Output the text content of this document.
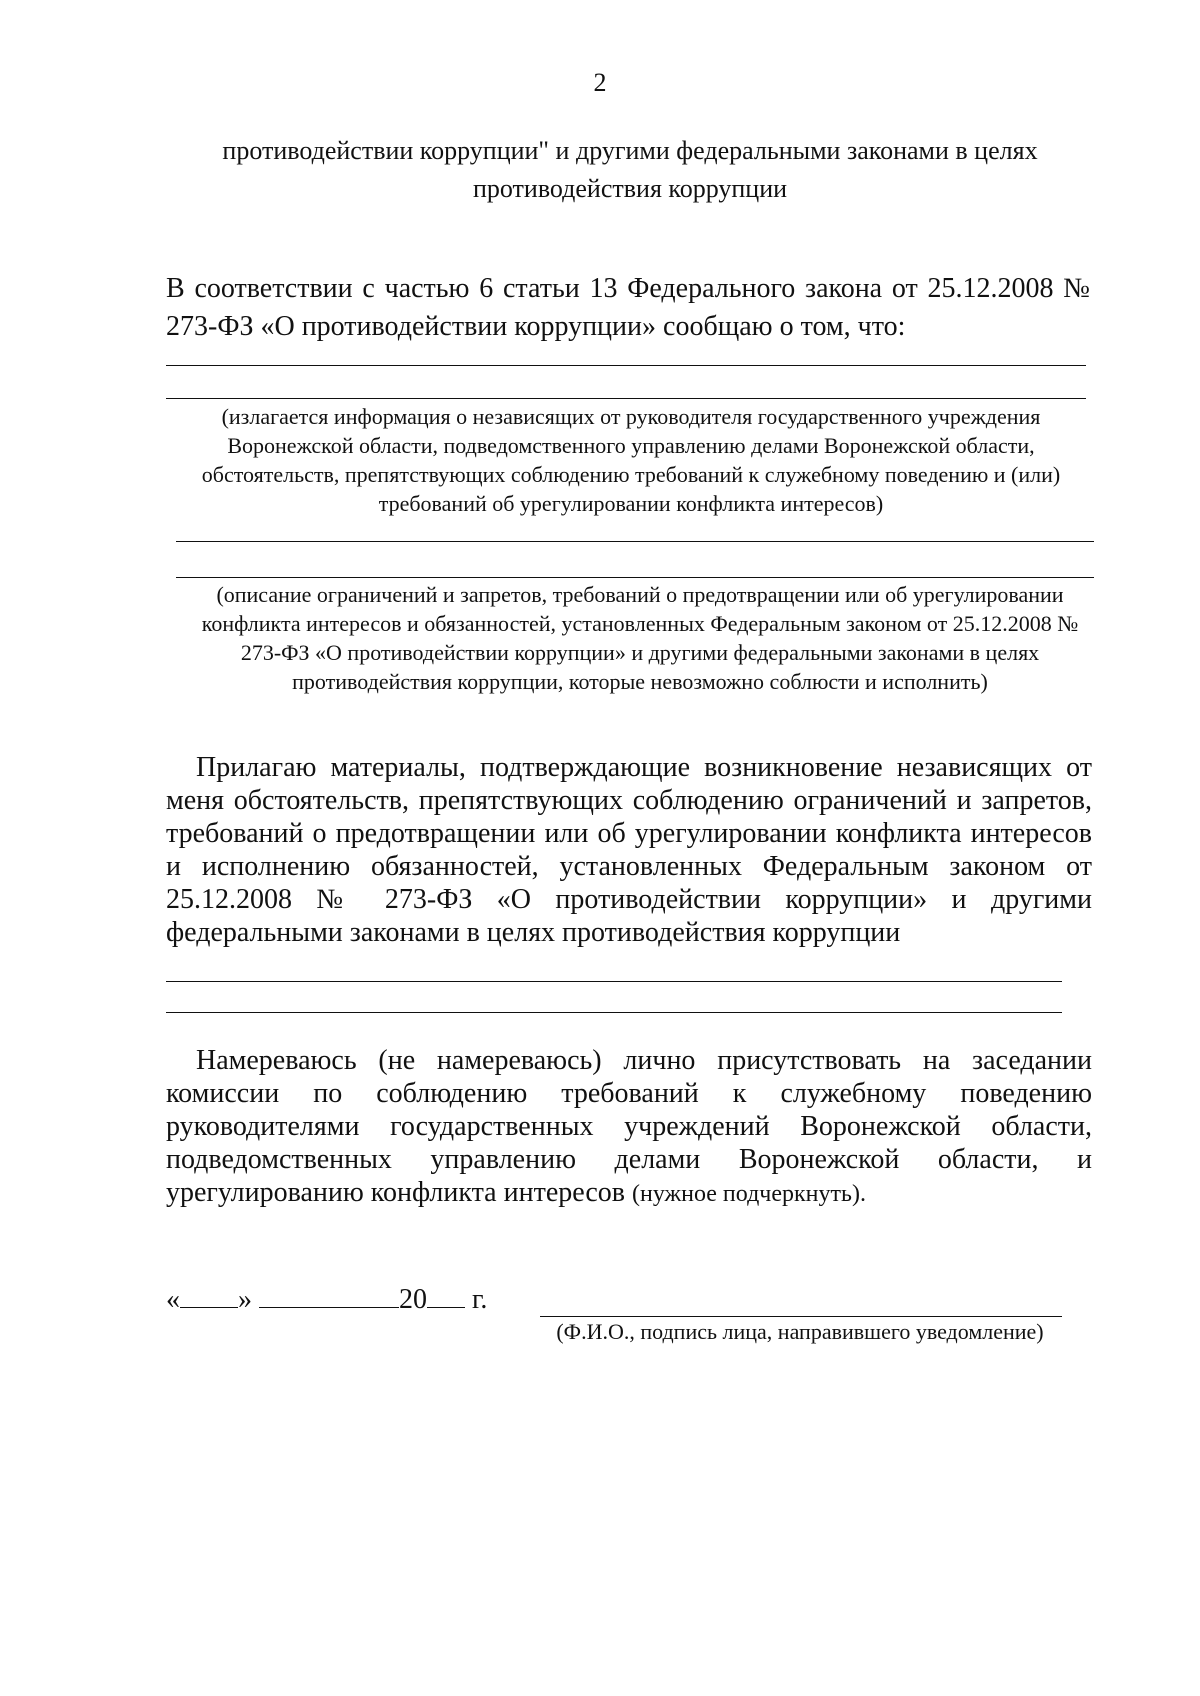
2
противодействии коррупции" и другими федеральными законами в целях противодействия коррупции
В соответствии с частью 6 статьи 13 Федерального закона от 25.12.2008 № 273-ФЗ «О противодействии коррупции» сообщаю о том, что:
(излагается информация о независящих от руководителя государственного учреждения Воронежской области, подведомственного управлению делами Воронежской области, обстоятельств, препятствующих соблюдению требований к служебному поведению и (или) требований об урегулировании конфликта интересов)
(описание ограничений и запретов, требований о предотвращении или об урегулировании конфликта интересов и обязанностей, установленных Федеральным законом от 25.12.2008 № 273-ФЗ «О противодействии коррупции» и другими федеральными законами в целях противодействия коррупции, которые невозможно соблюсти и исполнить)
Прилагаю материалы, подтверждающие возникновение независящих от меня обстоятельств, препятствующих соблюдению ограничений и запретов, требований о предотвращении или об урегулировании конфликта интересов и исполнению обязанностей, установленных Федеральным законом от 25.12.2008 № 273-ФЗ «О противодействии коррупции» и другими федеральными законами в целях противодействия коррупции
Намереваюсь (не намереваюсь) лично присутствовать на заседании комиссии по соблюдению требований к служебному поведению руководителями государственных учреждений Воронежской области, подведомственных управлению делами Воронежской области, и урегулированию конфликта интересов (нужное подчеркнуть).
« »	20 г.
(Ф.И.О., подпись лица, направившего уведомление)
